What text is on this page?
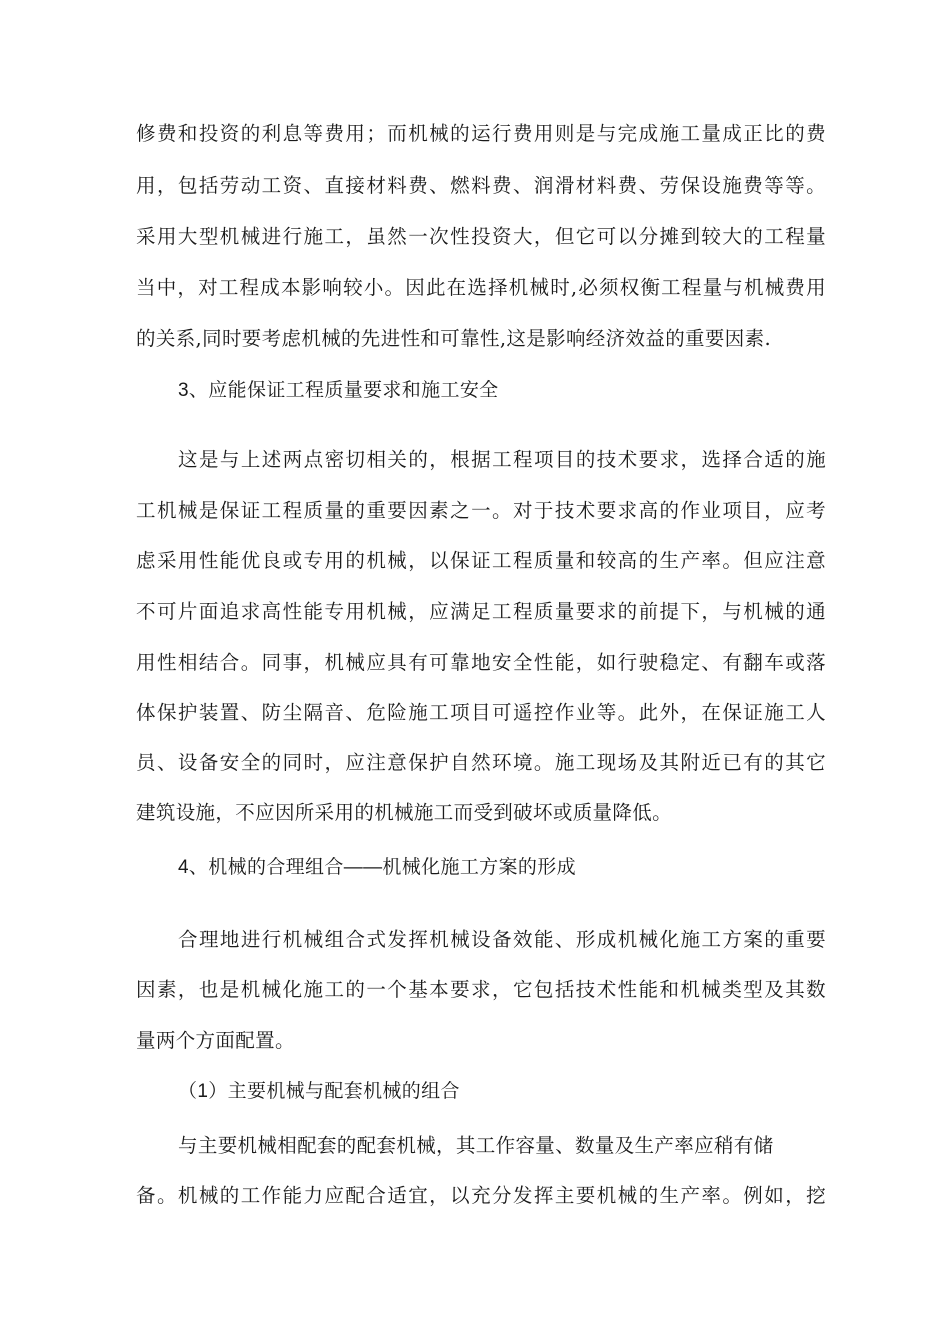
修费和投资的利息等费用；而机械的运行费用则是与完成施工量成正比的费
用，包括劳动工资、直接材料费、燃料费、润滑材料费、劳保设施费等等。
采用大型机械进行施工，虽然一次性投资大，但它可以分摊到较大的工程量
当中，对工程成本影响较小。因此在选择机械时,必须权衡工程量与机械费用
的关系,同时要考虑机械的先进性和可靠性,这是影响经济效益的重要因素.
3、应能保证工程质量要求和施工安全
这是与上述两点密切相关的，根据工程项目的技术要求，选择合适的施
工机械是保证工程质量的重要因素之一。对于技术要求高的作业项目，应考
虑采用性能优良或专用的机械，以保证工程质量和较高的生产率。但应注意
不可片面追求高性能专用机械，应满足工程质量要求的前提下，与机械的通
用性相结合。同事，机械应具有可靠地安全性能，如行驶稳定、有翻车或落
体保护装置、防尘隔音、危险施工项目可遥控作业等。此外，在保证施工人
员、设备安全的同时，应注意保护自然环境。施工现场及其附近已有的其它
建筑设施，不应因所采用的机械施工而受到破坏或质量降低。
4、机械的合理组合——机械化施工方案的形成
合理地进行机械组合式发挥机械设备效能、形成机械化施工方案的重要
因素，也是机械化施工的一个基本要求，它包括技术性能和机械类型及其数
量两个方面配置。
（1）主要机械与配套机械的组合
与主要机械相配套的配套机械，其工作容量、数量及生产率应稍有储
备。机械的工作能力应配合适宜，以充分发挥主要机械的生产率。例如，挖
